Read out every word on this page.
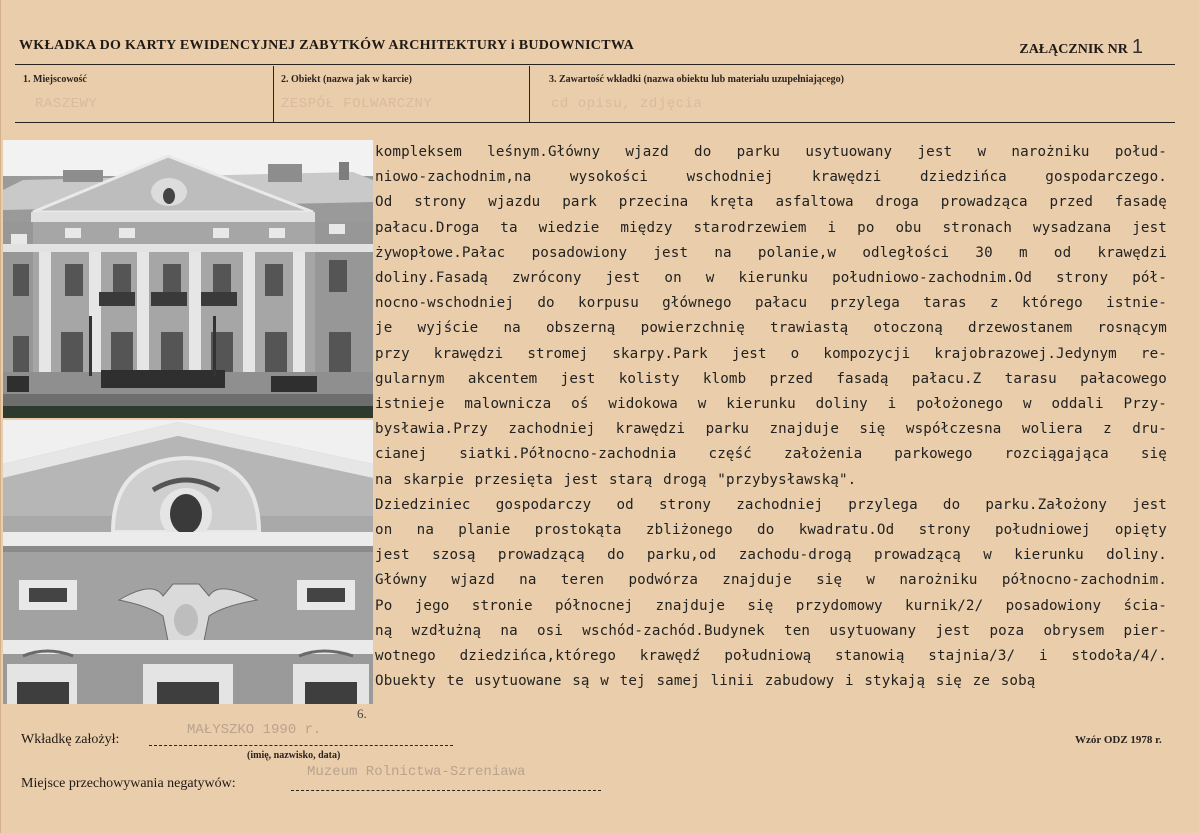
WKŁADKA DO KARTY EWIDENCYJNEJ ZABYTKÓW ARCHITEKTURY i BUDOWNICTWA	ZAŁĄCZNIK NR 1
1. Miejscowość
RASZEWY
2. Obiekt (nazwa jak w karcie)
ZESPÓŁ FOLWARCZNY
3. Zawartość wkładki (nazwa obiektu lub materiału uzupełniającego)
cd opisu, zdjęcia
kompleksem leśnym.Główny wjazd do parku usytuowany jest w narożniku połud-
niowo-zachodnim,na wysokości wschodniej krawędzi dziedzińca gospodarczego.
Od strony wjazdu park przecina kręta asfaltowa droga prowadząca przed fasadę
pałacu.Droga ta wiedzie między starodrzewiem i po obu stronach wysadzana jest
żywopłowe.Pałac posadowiony jest na polanie,w odległości 30 m od krawędzi
doliny.Fasadą zwrócony jest on w kierunku południowo-zachodnim.Od strony pół-
nocno-wschodniej do korpusu głównego pałacu przylega taras z którego istnie-
je wyjście na obszerną powierzchnię trawiastą otoczoną drzewostanem rosnącym
przy krawędzi stromej skarpy.Park jest o kompozycji krajobrazowej.Jedynym re-
gularnym akcentem jest kolisty klomb przed fasadą pałacu.Z tarasu pałacowego
istnieje malownicza oś widokowa w kierunku doliny i położonego w oddali Przy-
bysławia.Przy zachodniej krawędzi parku znajduje się współczesna woliera z dru-
cianej siatki.Północno-zachodnia część założenia parkowego rozciągająca się
na skarpie przesięta jest starą drogą "przybysławską".
Dziedziniec gospodarczy od strony zachodniej przylega do parku.Założony jest
on na planie prostokąta zbliżonego do kwadratu.Od strony południowej opięty
jest szosą prowadzącą do parku,od zachodu-drogą prowadzącą w kierunku doliny.
Główny wjazd na teren podwórza znajduje się w narożniku północno-zachodnim.
Po jego stronie północnej znajduje się przydomowy kurnik/2/ posadowiony ścia-
ną wzdłużną na osi wschód-zachód.Budynek ten usytuowany jest poza obrysem pier-
wotnego dziedzińca,którego krawędź południową stanowią stajnia/3/ i stodoła/4/.
Obuekty te usytuowane są w tej samej linii zabudowy i stykają się ze sobą
6.
Wkładkę założył:
MAŁYSZKO 1990 r.
(imię, nazwisko, data)
Wzór ODZ 1978 r.
Miejsce przechowywania negatywów:
Muzeum Rolnictwa-Szreniawa
